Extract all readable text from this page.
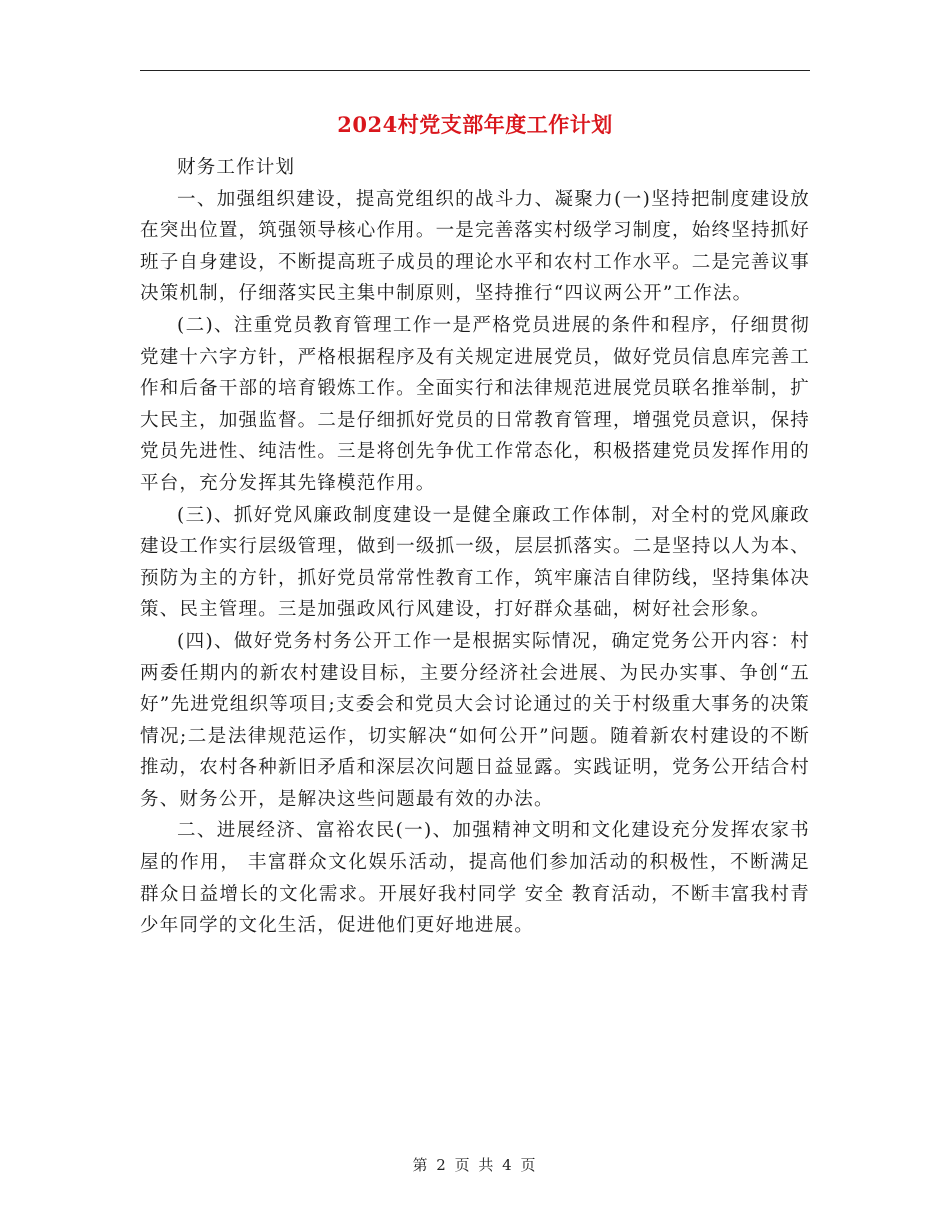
2024村党支部年度工作计划

财务工作计划

一、加强组织建设，提高党组织的战斗力、凝聚力(一)坚持把制度建设放在突出位置，筑强领导核心作用。一是完善落实村级学习制度，始终坚持抓好班子自身建设，不断提高班子成员的理论水平和农村工作水平。二是完善议事决策机制，仔细落实民主集中制原则，坚持推行“四议两公开”工作法。

(二)、注重党员教育管理工作一是严格党员进展的条件和程序，仔细贯彻党建十六字方针，严格根据程序及有关规定进展党员，做好党员信息库完善工作和后备干部的培育锻炼工作。全面实行和法律规范进展党员联名推举制，扩大民主，加强监督。二是仔细抓好党员的日常教育管理，增强党员意识，保持党员先进性、纯洁性。三是将创先争优工作常态化，积极搭建党员发挥作用的平台，充分发挥其先锋模范作用。

(三)、抓好党风廉政制度建设一是健全廉政工作体制，对全村的党风廉政建设工作实行层级管理，做到一级抓一级，层层抓落实。二是坚持以人为本、预防为主的方针，抓好党员常常性教育工作，筑牢廉洁自律防线，坚持集体决策、民主管理。三是加强政风行风建设，打好群众基础，树好社会形象。

(四)、做好党务村务公开工作一是根据实际情况，确定党务公开内容：村两委任期内的新农村建设目标，主要分经济社会进展、为民办实事、争创“五好”先进党组织等项目;支委会和党员大会讨论通过的关于村级重大事务的决策情况;二是法律规范运作，切实解决“如何公开”问题。随着新农村建设的不断推动，农村各种新旧矛盾和深层次问题日益显露。实践证明，党务公开结合村务、财务公开，是解决这些问题最有效的办法。

二、进展经济、富裕农民(一)、加强精神文明和文化建设充分发挥农家书屋的作用， 丰富群众文化娱乐活动，提高他们参加活动的积极性，不断满足群众日益增长的文化需求。开展好我村同学 安全 教育活动，不断丰富我村青少年同学的文化生活，促进他们更好地进展。

第 2 页 共 4 页
